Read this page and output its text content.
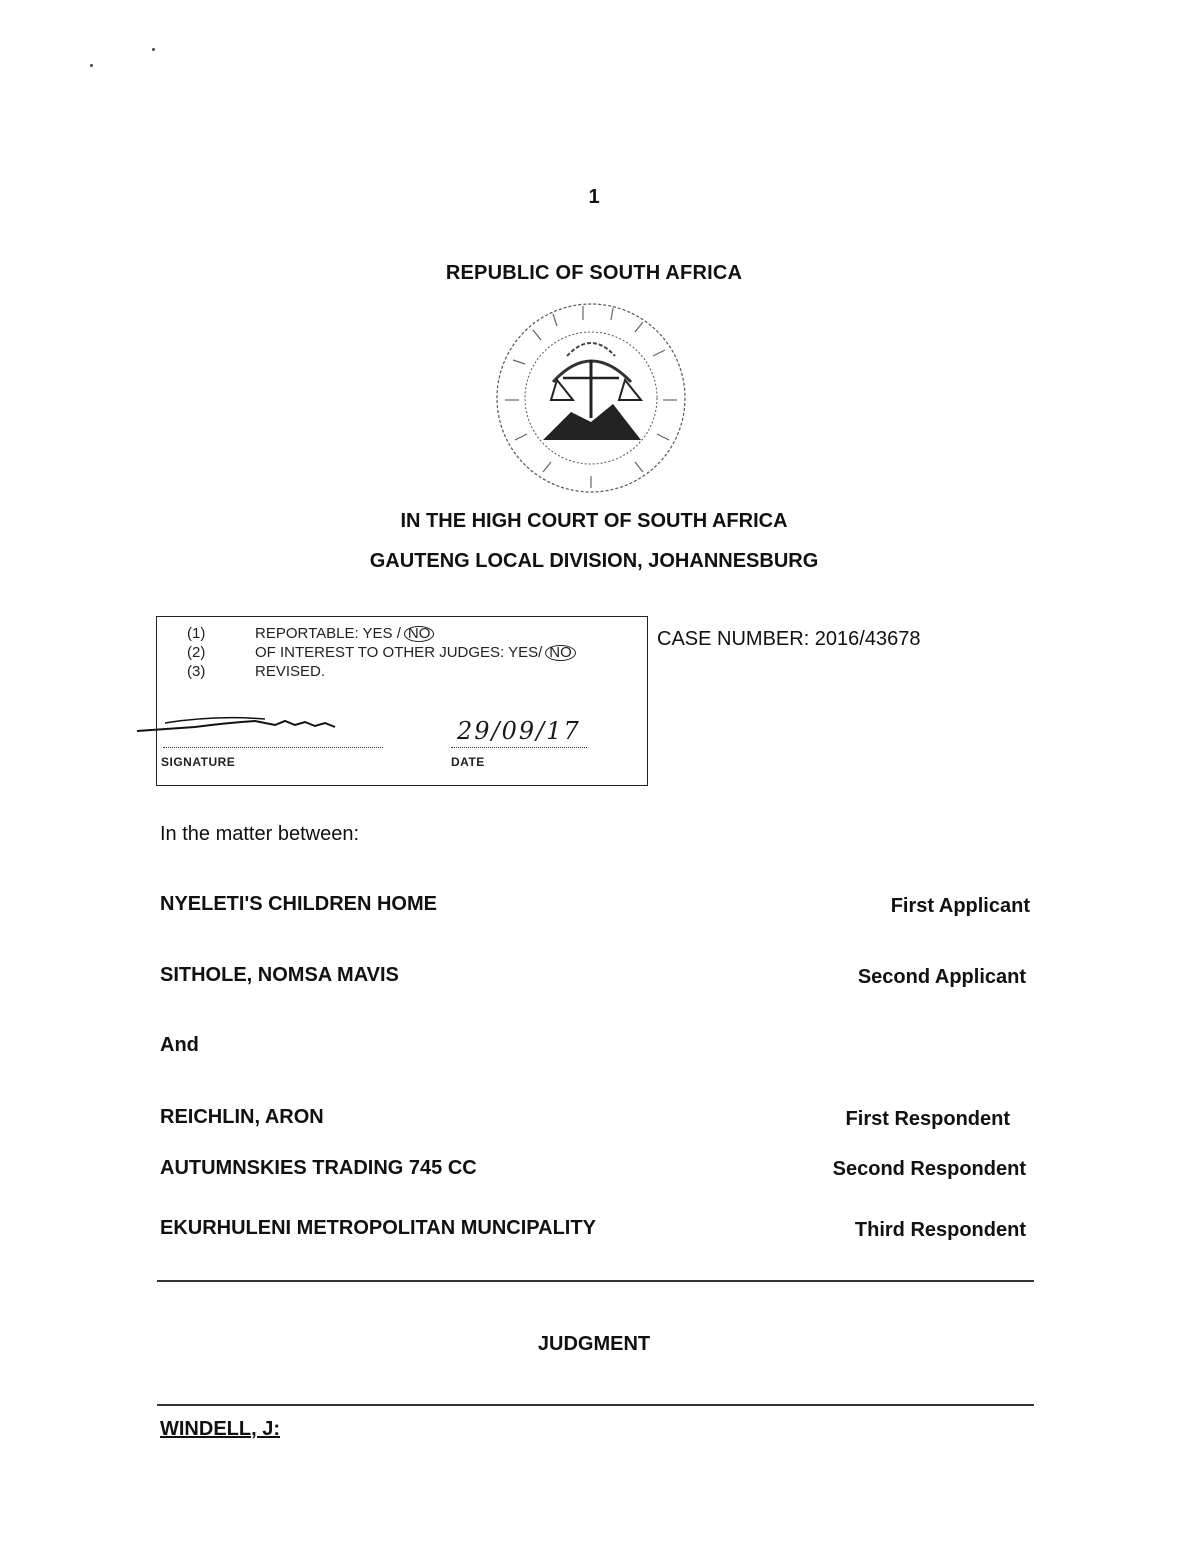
1
REPUBLIC OF SOUTH AFRICA
IN THE HIGH COURT OF SOUTH AFRICA
GAUTENG LOCAL DIVISION, JOHANNESBURG
(1)	REPORTABLE: YES / NO
(2)	OF INTEREST TO OTHER JUDGES: YES/ NO
(3)	REVISED.
SIGNATURE
29/09/17
DATE
CASE NUMBER: 2016/43678
In the matter between:
NYELETI'S CHILDREN HOME	First Applicant
SITHOLE, NOMSA MAVIS	Second Applicant
And
REICHLIN, ARON	First Respondent
AUTUMNSKIES TRADING 745 CC	Second Respondent
EKURHULENI METROPOLITAN MUNCIPALITY	Third Respondent
JUDGMENT
WINDELL, J:
